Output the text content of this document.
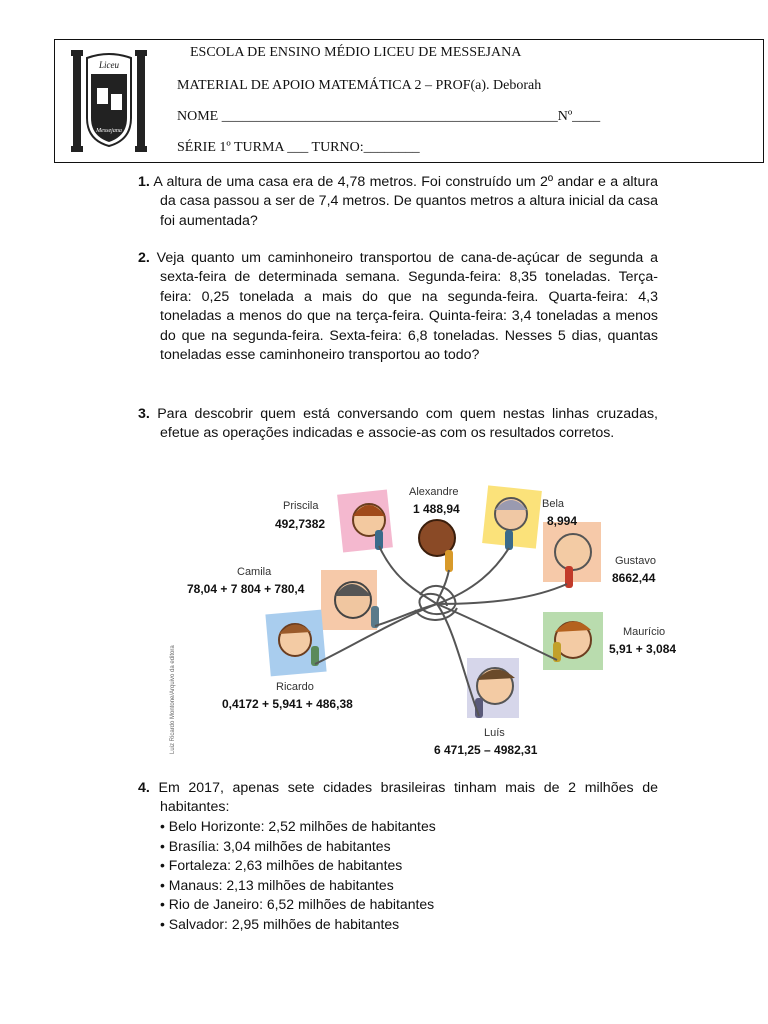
Liceu
Messejana
ESCOLA DE ENSINO MÉDIO LICEU DE MESSEJANA
MATERIAL DE APOIO MATEMÁTICA 2 – PROF(a). Deborah
NOME ________________________________________________Nº____
SÉRIE 1º TURMA ___ TURNO:________

1. A altura de uma casa era de 4,78 metros. Foi construído um 2º andar e a altura da casa passou a ser de 7,4 metros. De quantos metros a altura inicial da casa foi aumentada?

2. Veja quanto um caminhoneiro transportou de cana-de-açúcar de segunda a sexta-feira de determinada semana. Segunda-feira: 8,35 toneladas. Terça-feira: 0,25 tonelada a mais do que na segunda-feira. Quarta-feira: 4,3 toneladas a menos do que na terça-feira. Quinta-feira: 3,4 toneladas a menos do que na segunda-feira. Sexta-feira: 6,8 toneladas. Nesses 5 dias, quantas toneladas esse caminhoneiro transportou ao todo?

3. Para descobrir quem está conversando com quem nestas linhas cruzadas, efetue as operações indicadas e associe-as com os resultados corretos.

Priscila
492,7382
Alexandre
1 488,94	Bela
8,994
Gustavo
8662,44
Camila
78,04 + 7 804 + 780,4
Maurício
5,91 + 3,084
Ricardo
0,4172 + 5,941 + 486,38
Luís
6 471,25 – 4982,31
Luiz Ricardo Montone/Arquivo da editora

4. Em 2017, apenas sete cidades brasileiras tinham mais de 2 milhões de habitantes:

• Belo Horizonte: 2,52 milhões de habitantes
• Brasília: 3,04 milhões de habitantes
• Fortaleza: 2,63 milhões de habitantes
• Manaus: 2,13 milhões de habitantes
• Rio de Janeiro: 6,52 milhões de habitantes
• Salvador: 2,95 milhões de habitantes
